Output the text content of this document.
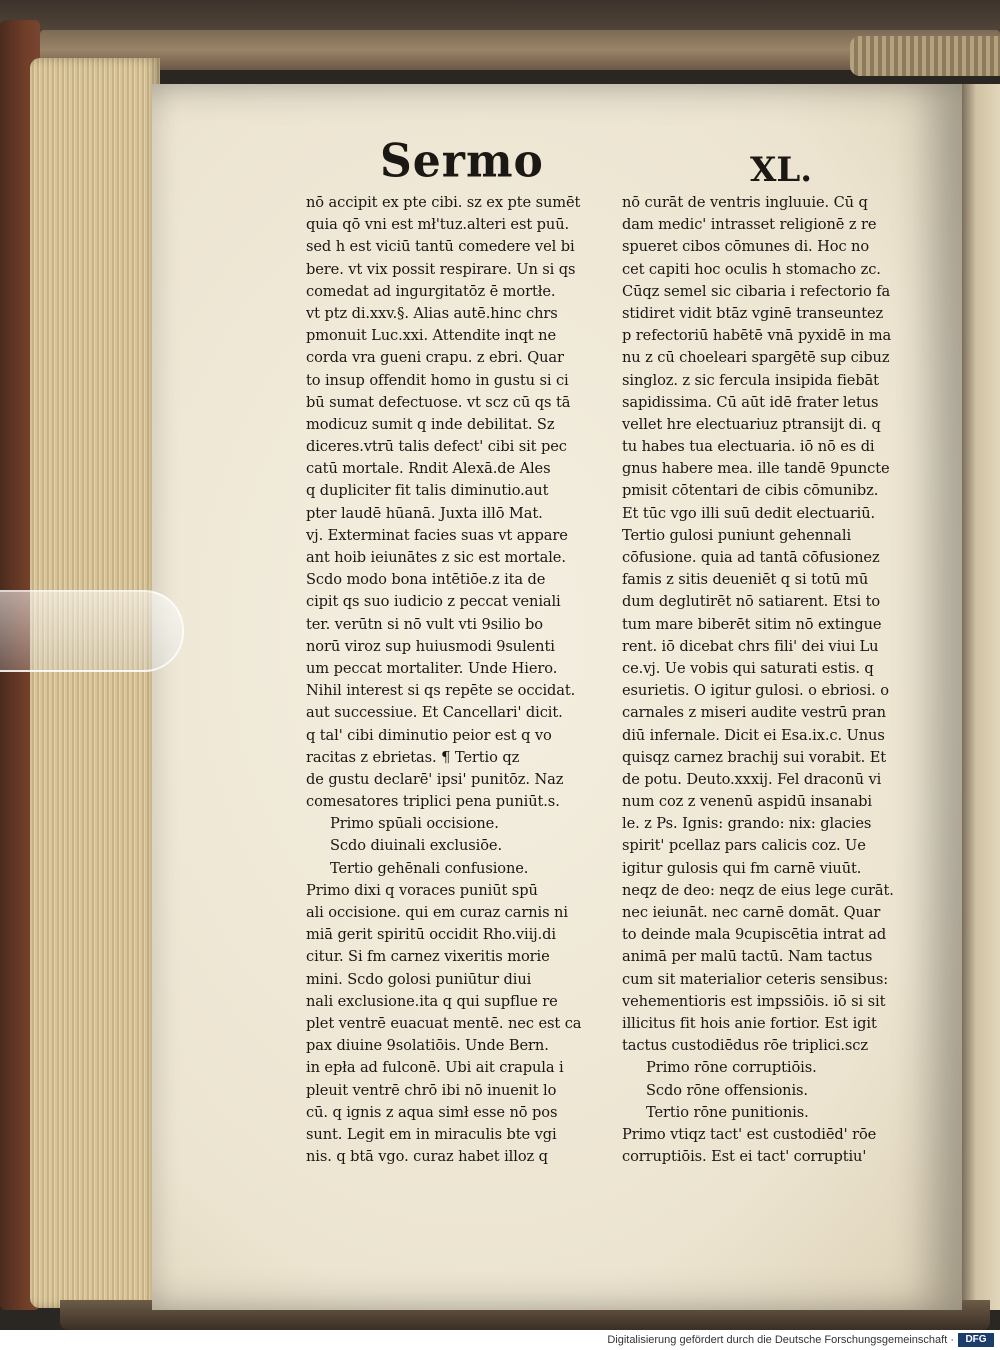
Sermo	XL.
nō accipit ex pte cibi. sz ex pte sumēt
quia qō vni est mł'tuz.alteri est puū.
sed h est viciū tantū comedere vel bi
bere. vt vix possit respirare. Un si qs
comedat ad ingurgitatōz ē mortłe.
vt ptz di.xxv.§. Alias autē.hinc chrs
pmonuit Luc.xxi. Attendite inqt ne
corda vra gueni crapu. z ebri. Quar
to insup offendit homo in gustu si ci
bū sumat defectuose. vt scz cū qs tā
modicuz sumit q inde debilitat. Sz
diceres.vtrū talis defect' cibi sit pec
catū mortale. Rndit Alexā.de Ales
q dupliciter fit talis diminutio.aut
pter laudē hūanā. Juxta illō Mat.
vj. Exterminat facies suas vt appare
ant hoib ieiunātes z sic est mortale.
Scdo modo bona intētiōe.z ita de
cipit qs suo iudicio z peccat veniali
ter. verūtn si nō vult vti 9silio bo
norū viroz sup huiusmodi 9sulenti
um peccat mortaliter. Unde Hiero.
Nihil interest si qs repēte se occidat.
aut successiue. Et Cancellari' dicit.
q tal' cibi diminutio peior est q vo
racitas z ebrietas. ¶ Tertio qz
de gustu declarē' ipsi' punitōz. Naz
comesatores triplici pena puniūt.s.
Primo spūali occisione.
Scdo diuinali exclusiōe.
Tertio gehēnali confusione.
Primo dixi q voraces puniūt spū
ali occisione. qui em curaz carnis ni
miā gerit spiritū occidit Rho.viij.di
citur. Si fm carnez vixeritis morie
mini. Scdo golosi puniūtur diui
nali exclusione.ita q qui supflue re
plet ventrē euacuat mentē. nec est ca
pax diuine 9solatiōis. Unde Bern.
in epła ad fulconē. Ubi ait crapula i
pleuit ventrē chrō ibi nō inuenit lo
cū. q ignis z aqua simł esse nō pos
sunt. Legit em in miraculis bte vgi
nis. q btā vgo. curaz habet illoz q
nō curāt de ventris ingluuie. Cū q
dam medic' intrasset religionē z re
spueret cibos cōmunes di. Hoc no
cet capiti hoc oculis h stomacho zc.
Cūqz semel sic cibaria i refectorio fa
stidiret vidit btāz vginē transeuntez
p refectoriū habētē vnā pyxidē in ma
nu z cū choeleari spargētē sup cibuz
singloz. z sic fercula insipida fiebāt
sapidissima. Cū aūt idē frater letus
vellet hre electuariuz ptransijt di. q
tu habes tua electuaria. iō nō es di
gnus habere mea. ille tandē 9puncte
pmisit cōtentari de cibis cōmunibz.
Et tūc vgo illi suū dedit electuariū.
Tertio gulosi puniunt gehennali
cōfusione. quia ad tantā cōfusionez
famis z sitis deueniēt q si totū mū
dum deglutirēt nō satiarent. Etsi to
tum mare biberēt sitim nō extingue
rent. iō dicebat chrs fili' dei viui Lu
ce.vj. Ue vobis qui saturati estis. q
esurietis. O igitur gulosi. o ebriosi. o
carnales z miseri audite vestrū pran
diū infernale. Dicit ei Esa.ix.c. Unus
quisqz carnez brachij sui vorabit. Et
de potu. Deuto.xxxij. Fel draconū vi
num coz z venenū aspidū insanabi
le. z Ps. Ignis: grando: nix: glacies
spirit' pcellaz pars calicis coz. Ue
igitur gulosis qui fm carnē viuūt.
neqz de deo: neqz de eius lege curāt.
nec ieiunāt. nec carnē domāt. Quar
to deinde mala 9cupiscētia intrat ad
animā per malū tactū. Nam tactus
cum sit materialior ceteris sensibus:
vehementioris est impssiōis. iō si sit
illicitus fit hois anie fortior. Est igit
tactus custodiēdus rōe triplici.scz
Primo rōne corruptiōis.
Scdo rōne offensionis.
Tertio rōne punitionis.
Primo vtiqz tact' est custodiēd' rōe
corruptiōis. Est ei tact' corruptiu'
Digitalisierung gefördert durch die Deutsche Forschungsgemeinschaft ·	DFG
